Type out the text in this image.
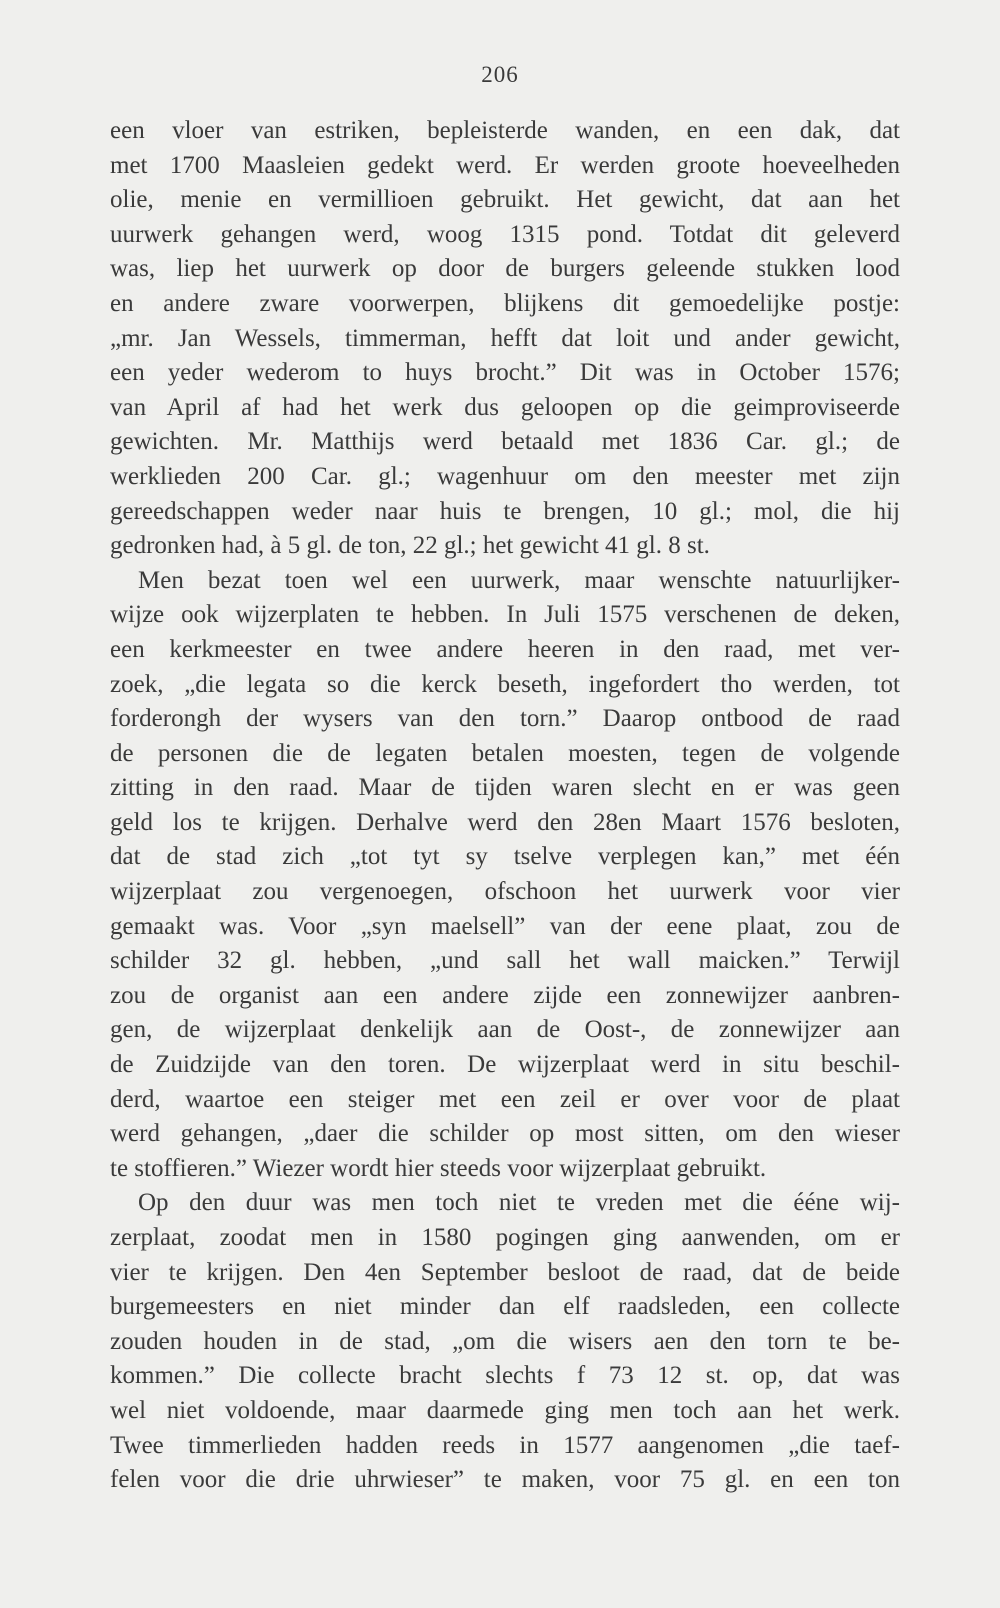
206
een vloer van estriken, bepleisterde wanden, en een dak, dat
met 1700 Maasleien gedekt werd. Er werden groote hoeveelheden
olie, menie en vermillioen gebruikt. Het gewicht, dat aan het
uurwerk gehangen werd, woog 1315 pond. Totdat dit geleverd
was, liep het uurwerk op door de burgers geleende stukken lood
en andere zware voorwerpen, blijkens dit gemoedelijke postje:
„mr. Jan Wessels, timmerman, hefft dat loit und ander gewicht,
een yeder wederom to huys brocht.” Dit was in October 1576;
van April af had het werk dus geloopen op die geimproviseerde
gewichten. Mr. Matthijs werd betaald met 1836 Car. gl.; de
werklieden 200 Car. gl.; wagenhuur om den meester met zijn
gereedschappen weder naar huis te brengen, 10 gl.; mol, die hij
gedronken had, à 5 gl. de ton, 22 gl.; het gewicht 41 gl. 8 st.
Men bezat toen wel een uurwerk, maar wenschte natuurlijker-
wijze ook wijzerplaten te hebben. In Juli 1575 verschenen de deken,
een kerkmeester en twee andere heeren in den raad, met ver-
zoek, „die legata so die kerck beseth, ingefordert tho werden, tot
forderongh der wysers van den torn.” Daarop ontbood de raad
de personen die de legaten betalen moesten, tegen de volgende
zitting in den raad. Maar de tijden waren slecht en er was geen
geld los te krijgen. Derhalve werd den 28en Maart 1576 besloten,
dat de stad zich „tot tyt sy tselve verplegen kan,” met één
wijzerplaat zou vergenoegen, ofschoon het uurwerk voor vier
gemaakt was. Voor „syn maelsell” van der eene plaat, zou de
schilder 32 gl. hebben, „und sall het wall maicken.” Terwijl
zou de organist aan een andere zijde een zonnewijzer aanbren-
gen, de wijzerplaat denkelijk aan de Oost-, de zonnewijzer aan
de Zuidzijde van den toren. De wijzerplaat werd in situ beschil-
derd, waartoe een steiger met een zeil er over voor de plaat
werd gehangen, „daer die schilder op most sitten, om den wieser
te stoffieren.” Wiezer wordt hier steeds voor wijzerplaat gebruikt.
Op den duur was men toch niet te vreden met die ééne wij-
zerplaat, zoodat men in 1580 pogingen ging aanwenden, om er
vier te krijgen. Den 4en September besloot de raad, dat de beide
burgemeesters en niet minder dan elf raadsleden, een collecte
zouden houden in de stad, „om die wisers aen den torn te be-
kommen.” Die collecte bracht slechts f 73 12 st. op, dat was
wel niet voldoende, maar daarmede ging men toch aan het werk.
Twee timmerlieden hadden reeds in 1577 aangenomen „die taef-
felen voor die drie uhrwieser” te maken, voor 75 gl. en een ton
